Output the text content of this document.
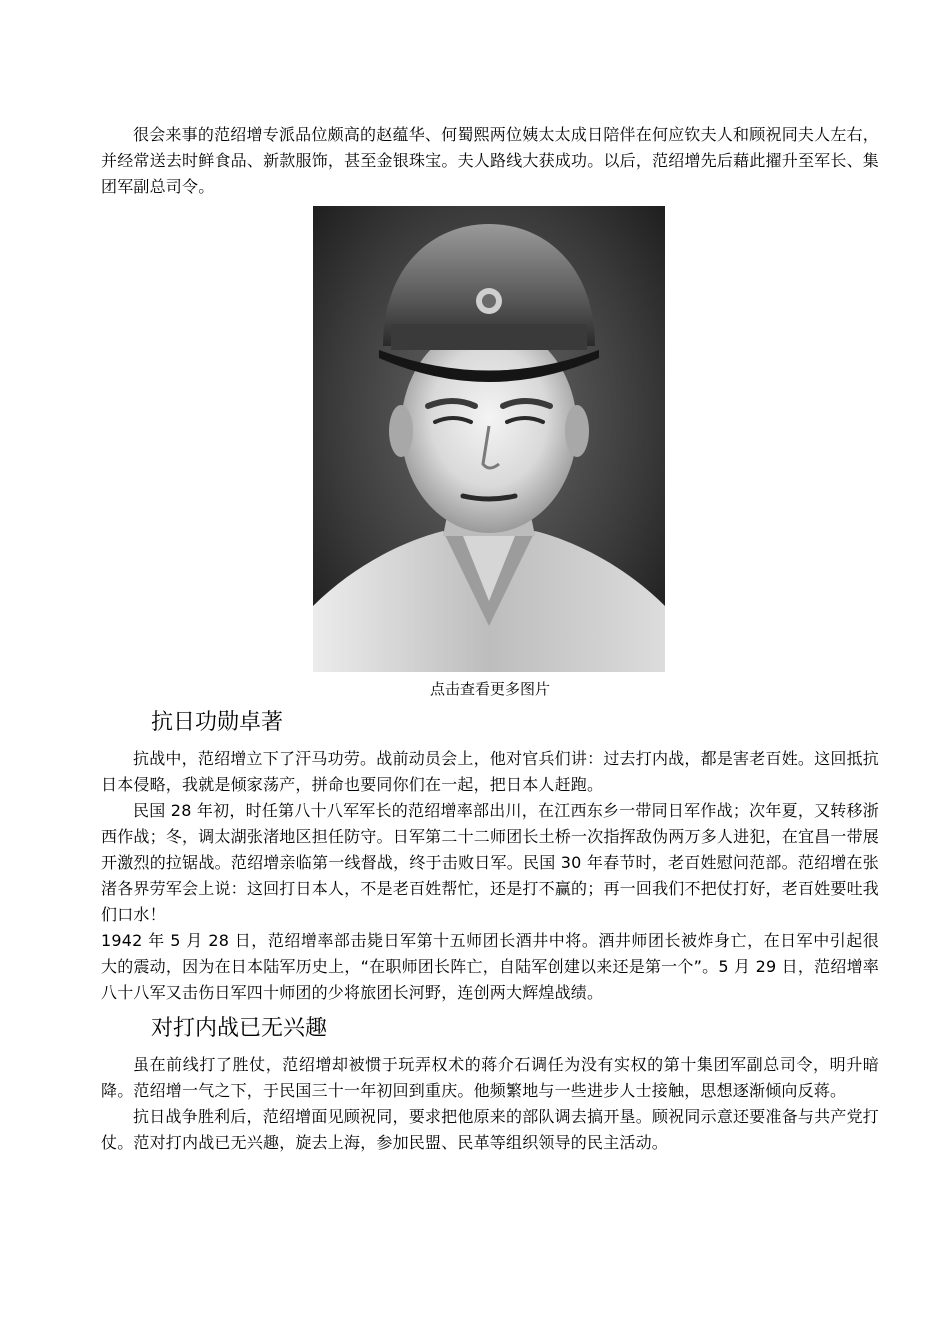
很会来事的范绍增专派品位颇高的赵蕴华、何蜀熙两位姨太太成日陪伴在何应钦夫人和顾祝同夫人左右，并经常送去时鲜食品、新款服饰，甚至金银珠宝。夫人路线大获成功。以后，范绍增先后藉此擢升至军长、集团军副总司令。

点击查看更多图片

抗日功勋卓著

抗战中，范绍增立下了汗马功劳。战前动员会上，他对官兵们讲：过去打内战，都是害老百姓。这回抵抗日本侵略，我就是倾家荡产，拼命也要同你们在一起，把日本人赶跑。

民国 28 年初，时任第八十八军军长的范绍增率部出川，在江西东乡一带同日军作战；次年夏，又转移浙西作战；冬，调太湖张渚地区担任防守。日军第二十二师团长土桥一次指挥敌伪两万多人进犯，在宜昌一带展开激烈的拉锯战。范绍增亲临第一线督战，终于击败日军。民国 30 年春节时，老百姓慰问范部。范绍增在张渚各界劳军会上说：这回打日本人，不是老百姓帮忙，还是打不赢的；再一回我们不把仗打好，老百姓要吐我们口水！

1942 年 5 月 28 日，范绍增率部击毙日军第十五师团长酒井中将。酒井师团长被炸身亡，在日军中引起很大的震动，因为在日本陆军历史上，“在职师团长阵亡，自陆军创建以来还是第一个”。5 月 29 日，范绍增率八十八军又击伤日军四十师团的少将旅团长河野，连创两大辉煌战绩。

对打内战已无兴趣

虽在前线打了胜仗，范绍增却被惯于玩弄权术的蒋介石调任为没有实权的第十集团军副总司令，明升暗降。范绍增一气之下，于民国三十一年初回到重庆。他频繁地与一些进步人士接触，思想逐渐倾向反蒋。

抗日战争胜利后，范绍增面见顾祝同，要求把他原来的部队调去搞开垦。顾祝同示意还要准备与共产党打仗。范对打内战已无兴趣，旋去上海，参加民盟、民革等组织领导的民主活动。
